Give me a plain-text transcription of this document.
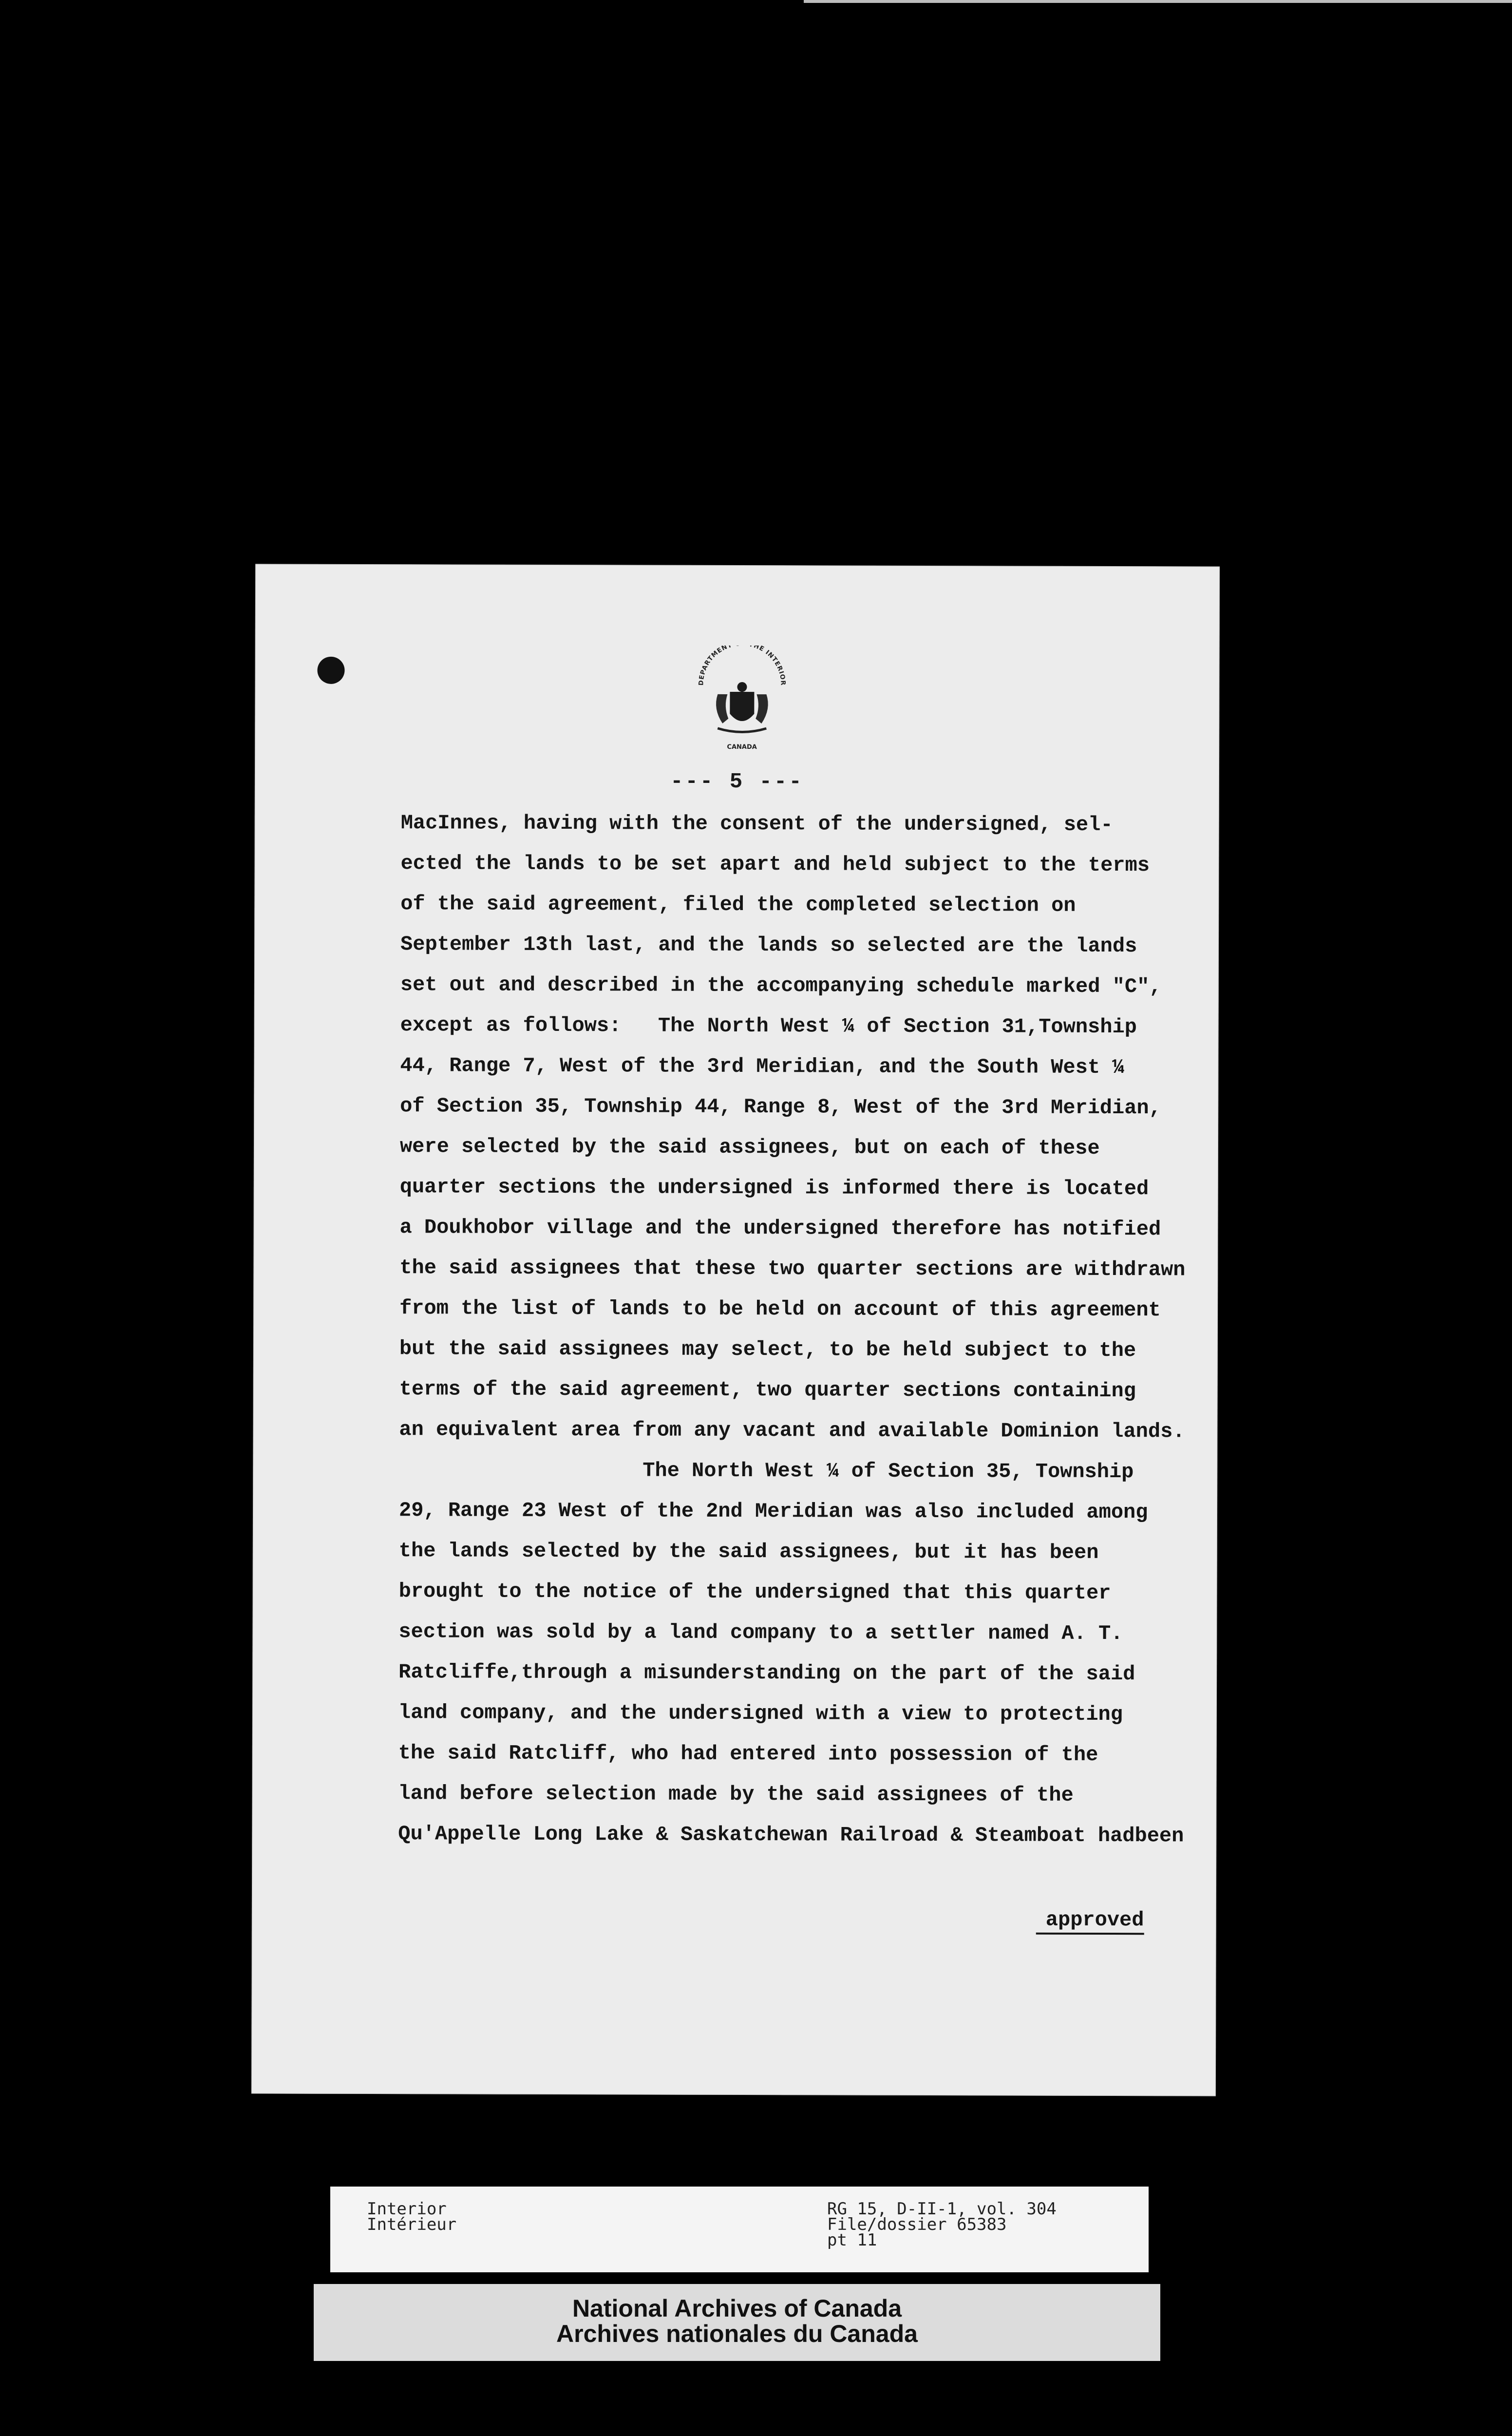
DEPARTMENT THE INTERIOR
CANADA
--- 5 ---
MacInnes, having with the consent of the undersigned, sel-
ected the lands to be set apart and held subject to the terms
of the said agreement, filed the completed selection on
September 13th last, and the lands so selected are the lands
set out and described in the accompanying schedule marked "C",
except as follows:   The North West ¼ of Section 31,Township
44, Range 7, West of the 3rd Meridian, and the South West ¼
of Section 35, Township 44, Range 8, West of the 3rd Meridian,
were selected by the said assignees, but on each of these
quarter sections the undersigned is informed there is located
a Doukhobor village and the undersigned therefore has notified
the said assignees that these two quarter sections are withdrawn
from the list of lands to be held on account of this agreement
but the said assignees may select, to be held subject to the
terms of the said agreement, two quarter sections containing
an equivalent area from any vacant and available Dominion lands.
The North West ¼ of Section 35, Township
29, Range 23 West of the 2nd Meridian was also included among
the lands selected by the said assignees, but it has been
brought to the notice of the undersigned that this quarter
section was sold by a land company to a settler named A. T.
Ratcliffe,through a misunderstanding on the part of the said
land company, and the undersigned with a view to protecting
the said Ratcliff, who had entered into possession of the
land before selection made by the said assignees of the
Qu'Appelle Long Lake & Saskatchewan Railroad & Steamboat hadbeen
approved
Interior
Intérieur
RG 15, D-II-1, vol. 304
File/dossier 65383
pt 11
National Archives of Canada
Archives nationales du Canada
